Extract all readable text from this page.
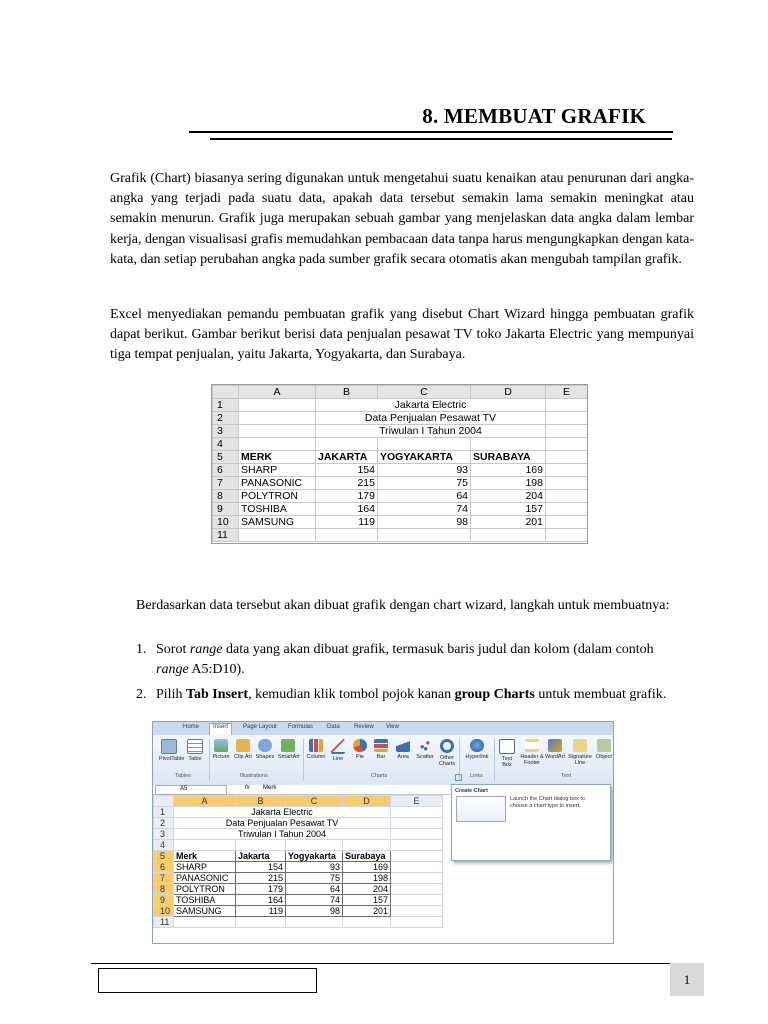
8. MEMBUAT GRAFIK
Grafik (Chart) biasanya sering digunakan untuk mengetahui suatu kenaikan atau penurunan dari angka-angka yang terjadi pada suatu data, apakah data tersebut semakin lama semakin meningkat atau semakin menurun. Grafik juga merupakan sebuah gambar yang menjelaskan data angka dalam lembar kerja, dengan visualisasi grafis memudahkan pembacaan data tanpa harus mengungkapkan dengan kata-kata, dan setiap perubahan angka pada sumber grafik secara otomatis akan mengubah tampilan grafik.
Excel menyediakan pemandu pembuatan grafik yang disebut Chart Wizard hingga pembuatan grafik dapat berikut. Gambar berikut berisi data penjualan pesawat TV toko Jakarta Electric yang mempunyai tiga tempat penjualan, yaitu Jakarta, Yogyakarta, dan Surabaya.
	A	B	C	D	E
1		Jakarta Electric			
2		Data Penjualan Pesawat TV			
3		Triwulan I Tahun 2004			
4					
5	MERK	JAKARTA	YOGYAKARTA	SURABAYA	
6	SHARP	154	93	169	
7	PANASONIC	215	75	198	
8	POLYTRON	179	64	204	
9	TOSHIBA	164	74	157	
10	SAMSUNG	119	98	201	
11					
Berdasarkan data tersebut akan dibuat grafik dengan chart wizard, langkah untuk membuatnya:
1. Sorot range data yang akan dibuat grafik, termasuk baris judul dan kolom (dalam contoh range A5:D10).
2. Pilih Tab Insert, kemudian klik tombol pojok kanan group Charts untuk membuat grafik.
Home	Insert	Page Layout Formulas Data Review View
PivotTable Table	Picture Clip Art Shapes SmartArt Column	Line	Pie	Bar	Area	Scatter	Other Charts
Hyperlink	Text Box
Header & Footer
WordArt Signature Line
Object
Tables	Illustrations	Charts	Links	Text
A5	fx Merk
	A	B	C	D	E
1	Jakarta Electric				
2	Data Penjualan Pesawat TV				
3	Triwulan I Tahun 2004				
4					
5	Merk	Jakarta	Yogyakarta	Surabaya	
6	SHARP	154	93	169	
7	PANASONIC	215	75	198	
8	POLYTRON	179	64	204	
9	TOSHIBA	164	74	157	
10	SAMSUNG	119	98	201	
11					
Create Chart
Launch the Chart dialog box to choose a chart type to insert.
1
